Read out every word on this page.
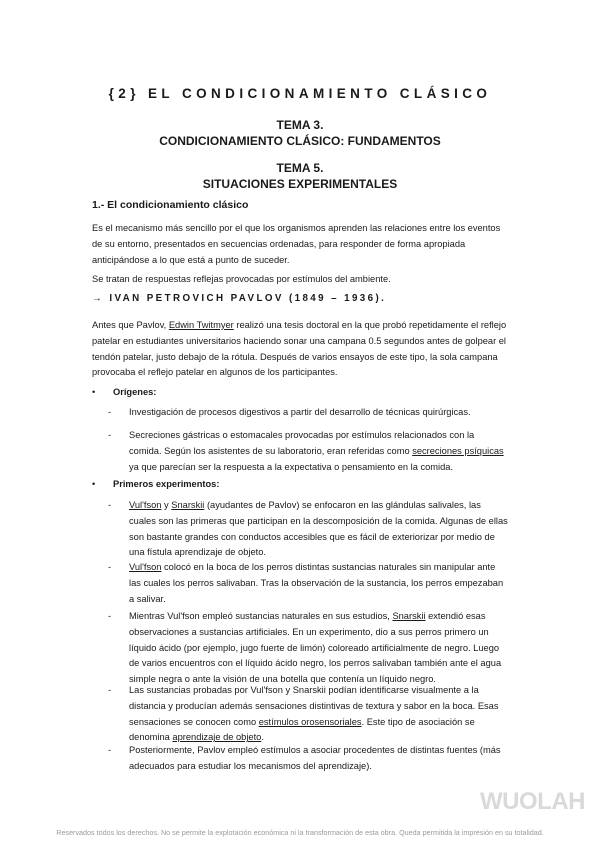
{2} EL CONDICIONAMIENTO CLÁSICO
TEMA 3.
CONDICIONAMIENTO CLÁSICO: FUNDAMENTOS
TEMA 5.
SITUACIONES EXPERIMENTALES
1.- El condicionamiento clásico
Es el mecanismo más sencillo por el que los organismos aprenden las relaciones entre los eventos de su entorno, presentados en secuencias ordenadas, para responder de forma apropiada anticipándose a lo que está a punto de suceder.
Se tratan de respuestas reflejas provocadas por estímulos del ambiente.
→ IVAN PETROVICH PAVLOV (1849 – 1936).
Antes que Pavlov, Edwin Twitmyer realizó una tesis doctoral en la que probó repetidamente el reflejo patelar en estudiantes universitarios haciendo sonar una campana 0.5 segundos antes de golpear el tendón patelar, justo debajo de la rótula. Después de varios ensayos de este tipo, la sola campana provocaba el reflejo patelar en algunos de los participantes.
• Orígenes:
- Investigación de procesos digestivos a partir del desarrollo de técnicas quirúrgicas.
- Secreciones gástricas o estomacales provocadas por estímulos relacionados con la comida. Según los asistentes de su laboratorio, eran referidas como secreciones psíquicas ya que parecían ser la respuesta a la expectativa o pensamiento en la comida.
• Primeros experimentos:
- Vul'fson y Snarskii (ayudantes de Pavlov) se enfocaron en las glándulas salivales, las cuales son las primeras que participan en la descomposición de la comida. Algunas de ellas son bastante grandes con conductos accesibles que es fácil de exteriorizar por medio de una fístula aprendizaje de objeto.
- Vul'fson colocó en la boca de los perros distintas sustancias naturales sin manipular ante las cuales los perros salivaban. Tras la observación de la sustancia, los perros empezaban a salivar.
- Mientras Vul'fson empleó sustancias naturales en sus estudios, Snarskii extendió esas observaciones a sustancias artificiales. En un experimento, dio a sus perros primero un líquido ácido (por ejemplo, jugo fuerte de limón) coloreado artificialmente de negro. Luego de varios encuentros con el líquido ácido negro, los perros salivaban también ante el agua simple negra o ante la visión de una botella que contenía un líquido negro.
- Las sustancias probadas por Vul'fson y Snarskii podían identificarse visualmente a la distancia y producían además sensaciones distintivas de textura y sabor en la boca. Esas sensaciones se conocen como estímulos orosensoriales. Este tipo de asociación se denomina aprendizaje de objeto.
- Posteriormente, Pavlov empleó estímulos a asociar procedentes de distintas fuentes (más adecuados para estudiar los mecanismos del aprendizaje).
WUOLAH
Reservados todos los derechos. No se permite la explotación económica ni la transformación de esta obra. Queda permitida la impresión en su totalidad.
